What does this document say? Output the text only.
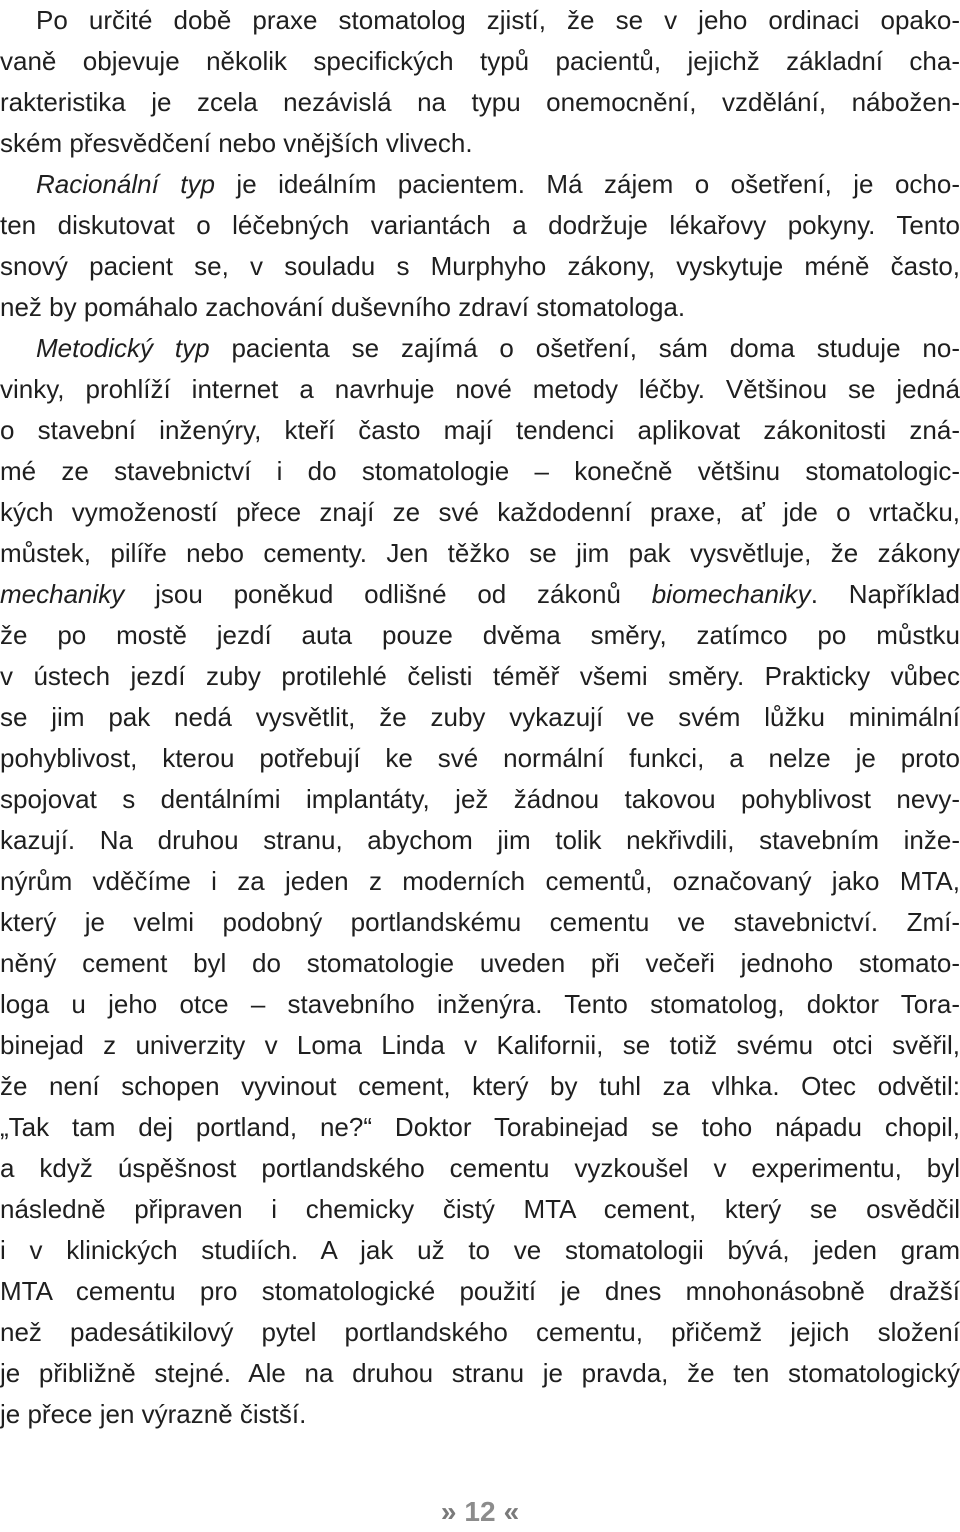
Po určité době praxe stomatolog zjistí, že se v jeho ordinaci opako-
vaně objevuje několik specifických typů pacientů, jejichž základní cha-
rakteristika je zcela nezávislá na typu onemocnění, vzdělání, nábožen-
ském přesvědčení nebo vnějších vlivech.
Racionální typ je ideálním pacientem. Má zájem o ošetření, je ocho-
ten diskutovat o léčebných variantách a dodržuje lékařovy pokyny. Tento
snový pacient se, v souladu s Murphyho zákony, vyskytuje méně často,
než by pomáhalo zachování duševního zdraví stomatologa.
Metodický typ pacienta se zajímá o ošetření, sám doma studuje no-
vinky, prohlíží internet a navrhuje nové metody léčby. Většinou se jedná
o stavební inženýry, kteří často mají tendenci aplikovat zákonitosti zná-
mé ze stavebnictví i do stomatologie – konečně většinu stomatologic-
kých vymožeností přece znají ze své každodenní praxe, ať jde o vrtačku,
můstek, pilíře nebo cementy. Jen těžko se jim pak vysvětluje, že zákony
mechaniky jsou poněkud odlišné od zákonů biomechaniky. Například
že po mostě jezdí auta pouze dvěma směry, zatímco po můstku
v ústech jezdí zuby protilehlé čelisti téměř všemi směry. Prakticky vůbec
se jim pak nedá vysvětlit, že zuby vykazují ve svém lůžku minimální
pohyblivost, kterou potřebují ke své normální funkci, a nelze je proto
spojovat s dentálními implantáty, jež žádnou takovou pohyblivost nevy-
kazují. Na druhou stranu, abychom jim tolik nekřivdili, stavebním inže-
nýrům vděčíme i za jeden z moderních cementů, označovaný jako MTA,
který je velmi podobný portlandskému cementu ve stavebnictví. Zmí-
něný cement byl do stomatologie uveden při večeři jednoho stomato-
loga u jeho otce – stavebního inženýra. Tento stomatolog, doktor Tora-
binejad z univerzity v Loma Linda v Kalifornii, se totiž svému otci svěřil,
že není schopen vyvinout cement, který by tuhl za vlhka. Otec odvětil:
„Tak tam dej portland, ne?“ Doktor Torabinejad se toho nápadu chopil,
a když úspěšnost portlandského cementu vyzkoušel v experimentu, byl
následně připraven i chemicky čistý MTA cement, který se osvědčil
i v klinických studiích. A jak už to ve stomatologii bývá, jeden gram
MTA cementu pro stomatologické použití je dnes mnohonásobně dražší
než padesátikilový pytel portlandského cementu, přičemž jejich složení
je přibližně stejné. Ale na druhou stranu je pravda, že ten stomatologický
je přece jen výrazně čistší.
» 12 «
